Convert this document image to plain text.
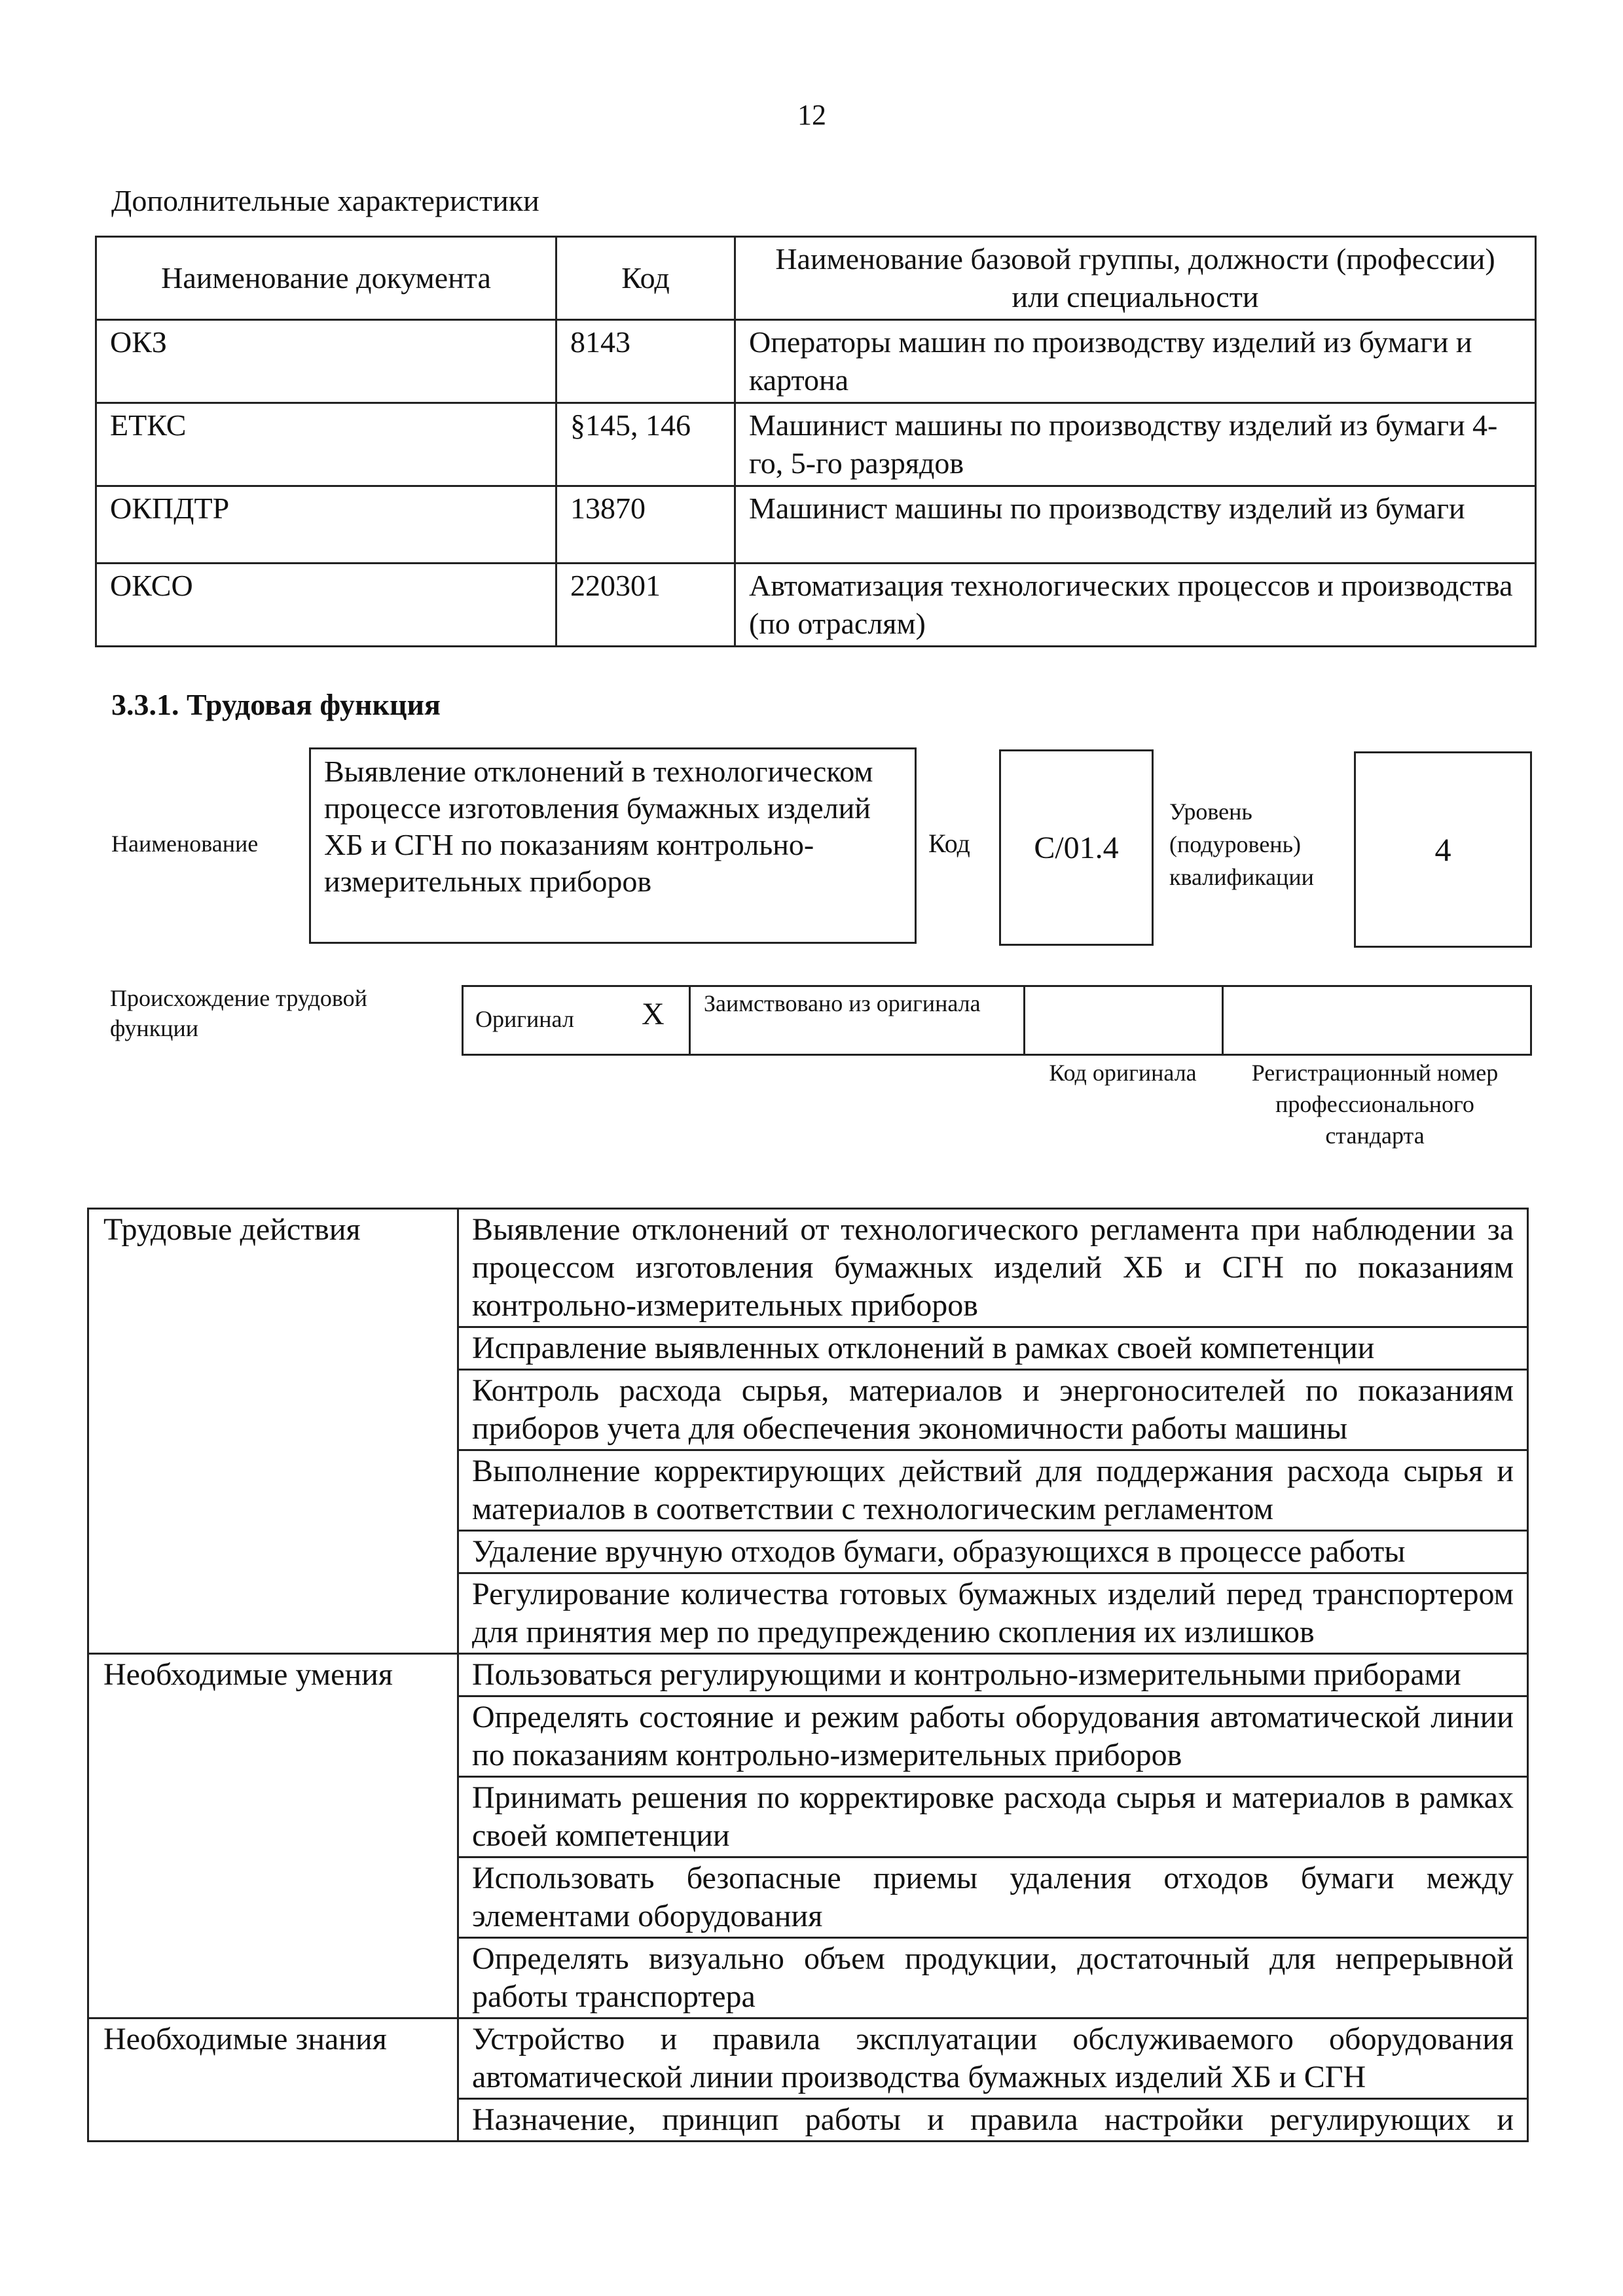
12
Дополнительные характеристики
Наименование документа	Код	Наименование базовой группы, должности (профессии) или специальности
ОКЗ	8143	Операторы машин по производству изделий из бумаги и картона
ЕТКС	§145, 146	Машинист машины по производству изделий из бумаги 4-го, 5-го разрядов
ОКПДТР	13870	Машинист машины по производству изделий из бумаги
ОКСО	220301	Автоматизация технологических процессов и производства (по отраслям)
3.3.1. Трудовая функция
Наименование
Выявление отклонений в технологическом процессе изготовления бумажных изделий ХБ и СГН по показаниям контрольно-измерительных приборов
Код C/01.4
Уровень (подуровень) квалификации
4
Происхождение трудовой функции	Оригинал X Заимствовано из оригинала
Код оригинала	Регистрационный номер профессионального стандарта
Трудовые действия	Выявление отклонений от технологического регламента при наблюдении за процессом изготовления бумажных изделий ХБ и СГН по показаниям контрольно-измерительных приборов
	Исправление выявленных отклонений в рамках своей компетенции
	Контроль расхода сырья, материалов и энергоносителей по показаниям приборов учета для обеспечения экономичности работы машины
	Выполнение корректирующих действий для поддержания расхода сырья и материалов в соответствии с технологическим регламентом
	Удаление вручную отходов бумаги, образующихся в процессе работы
	Регулирование количества готовых бумажных изделий перед транспортером для принятия мер по предупреждению скопления их излишков
Необходимые умения	Пользоваться регулирующими и контрольно-измерительными приборами
	Определять состояние и режим работы оборудования автоматической линии по показаниям контрольно-измерительных приборов
	Принимать решения по корректировке расхода сырья и материалов в рамках своей компетенции
	Использовать безопасные приемы удаления отходов бумаги между элементами оборудования
	Определять визуально объем продукции, достаточный для непрерывной работы транспортера
Необходимые знания	Устройство и правила эксплуатации обслуживаемого оборудования автоматической линии производства бумажных изделий ХБ и СГН
	Назначение, принцип работы и правила настройки регулирующих и
